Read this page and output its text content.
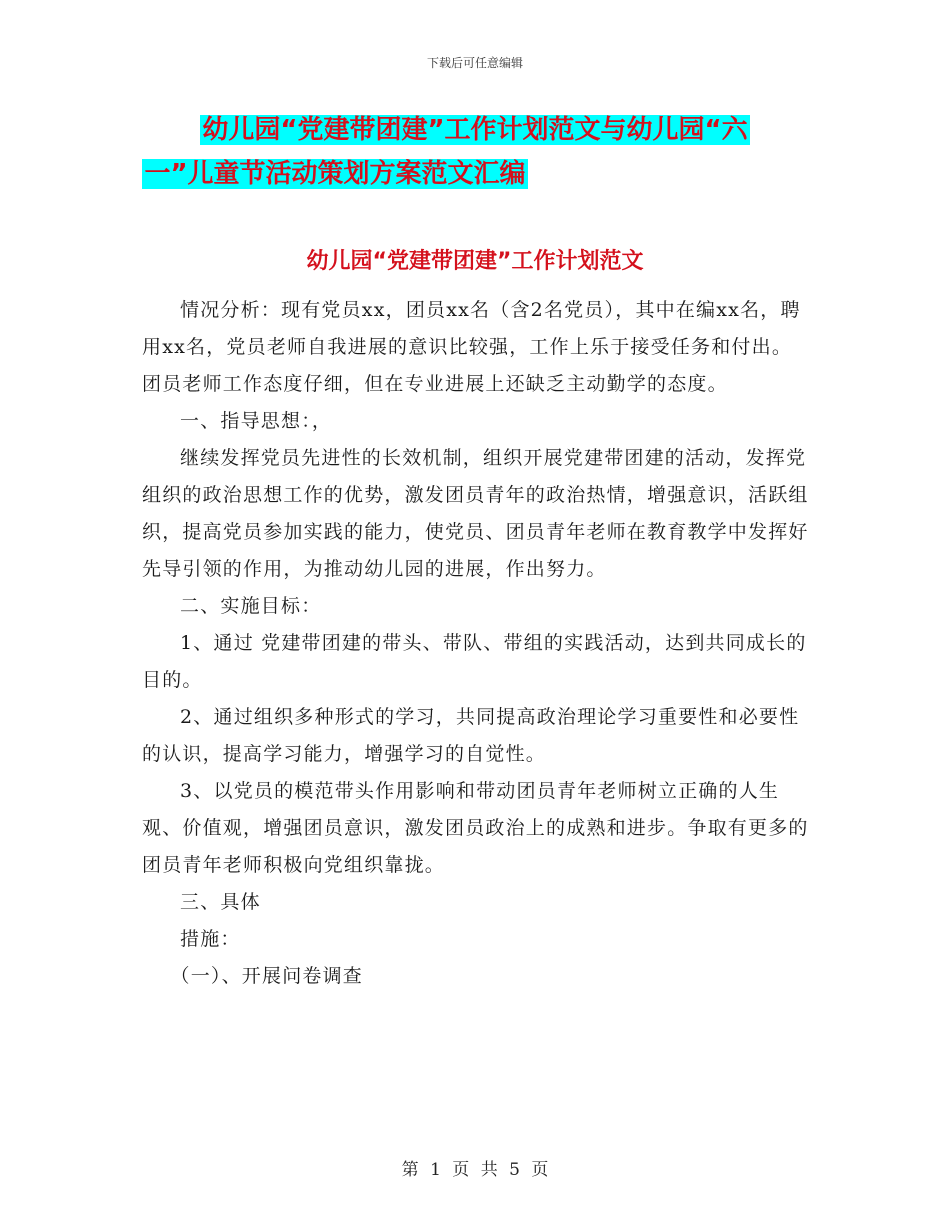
下载后可任意编辑
幼儿园“党建带团建”工作计划范文与幼儿园“六
一”儿童节活动策划方案范文汇编
幼儿园“党建带团建”工作计划范文

情况分析：现有党员xx，团员xx名（含2名党员），其中在编xx名，聘用xx名，党员老师自我进展的意识比较强，工作上乐于接受任务和付出。团员老师工作态度仔细，但在专业进展上还缺乏主动勤学的态度。

一、指导思想：，

继续发挥党员先进性的长效机制，组织开展党建带团建的活动，发挥党组织的政治思想工作的优势，激发团员青年的政治热情，增强意识，活跃组织，提高党员参加实践的能力，使党员、团员青年老师在教育教学中发挥好先导引领的作用，为推动幼儿园的进展，作出努力。

二、实施目标：

1、通过 党建带团建的带头、带队、带组的实践活动，达到共同成长的目的。

2、通过组织多种形式的学习，共同提高政治理论学习重要性和必要性的认识，提高学习能力，增强学习的自觉性。

3、以党员的模范带头作用影响和带动团员青年老师树立正确的人生观、价值观，增强团员意识，激发团员政治上的成熟和进步。争取有更多的团员青年老师积极向党组织靠拢。

三、具体

措施：

（一）、开展问卷调查

第 1 页 共 5 页
